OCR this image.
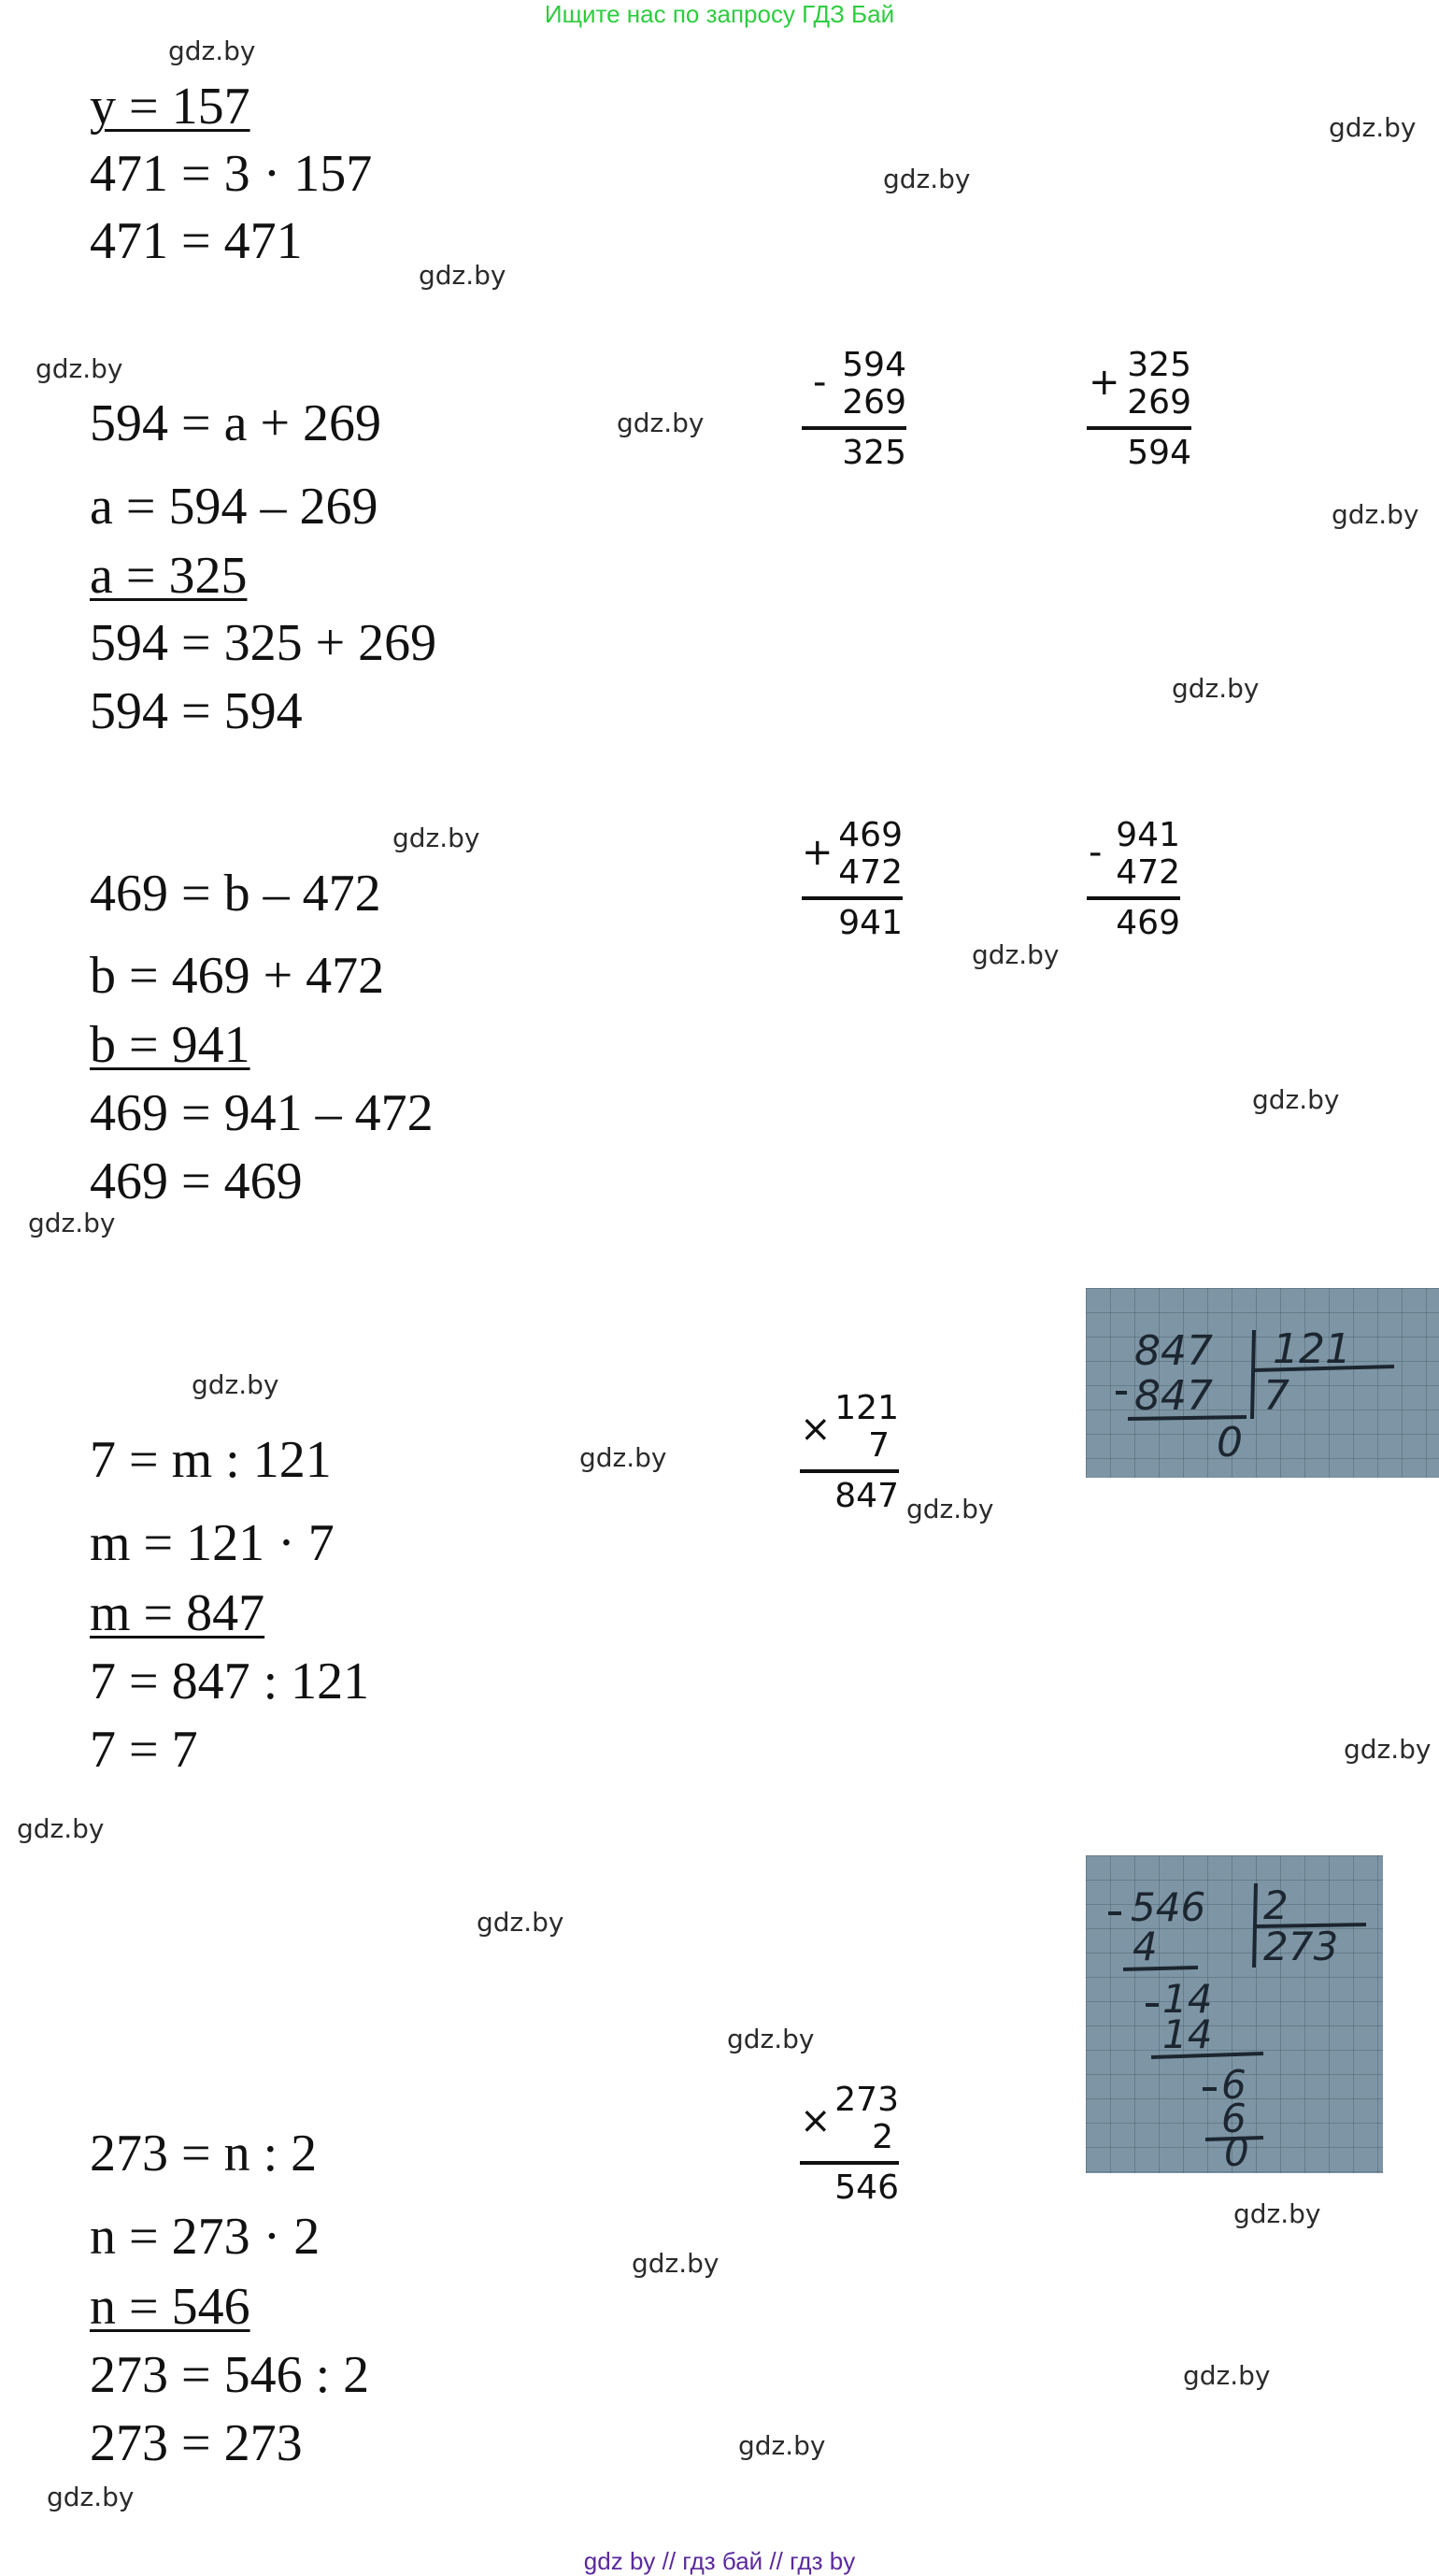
Ищите нас по запросу ГДЗ Бай
gdz.by
gdz.by
gdz.by
gdz.by
gdz.by
gdz.by
gdz.by
gdz.by
gdz.by
gdz.by
gdz.by
gdz.by
gdz.by
gdz.by
gdz.by
gdz.by
gdz.by
gdz.by
gdz.by
gdz.by
gdz.by
gdz.by
gdz.by
gdz.by
y = 157
471 = 3 · 157
471 = 471
594 = a + 269
a = 594 – 269
a = 325
594 = 325 + 269
594 = 594
- 594
269
325
+ 325
269
594
469 = b – 472
b = 469 + 472
b = 941
469 = 941 – 472
469 = 469
+ 469
472
941
- 941
472
469
7 = m : 121
m = 121 · 7
m = 847
7 = 847 : 121
7 = 7
× 121
7
847
847 121
847 7
0
273 = n : 2
n = 273 · 2
n = 546
273 = 546 : 2
273 = 273
× 273
2
546
546 2
4	273
14
14
6
6
0
gdz by // гдз бай // гдз by
